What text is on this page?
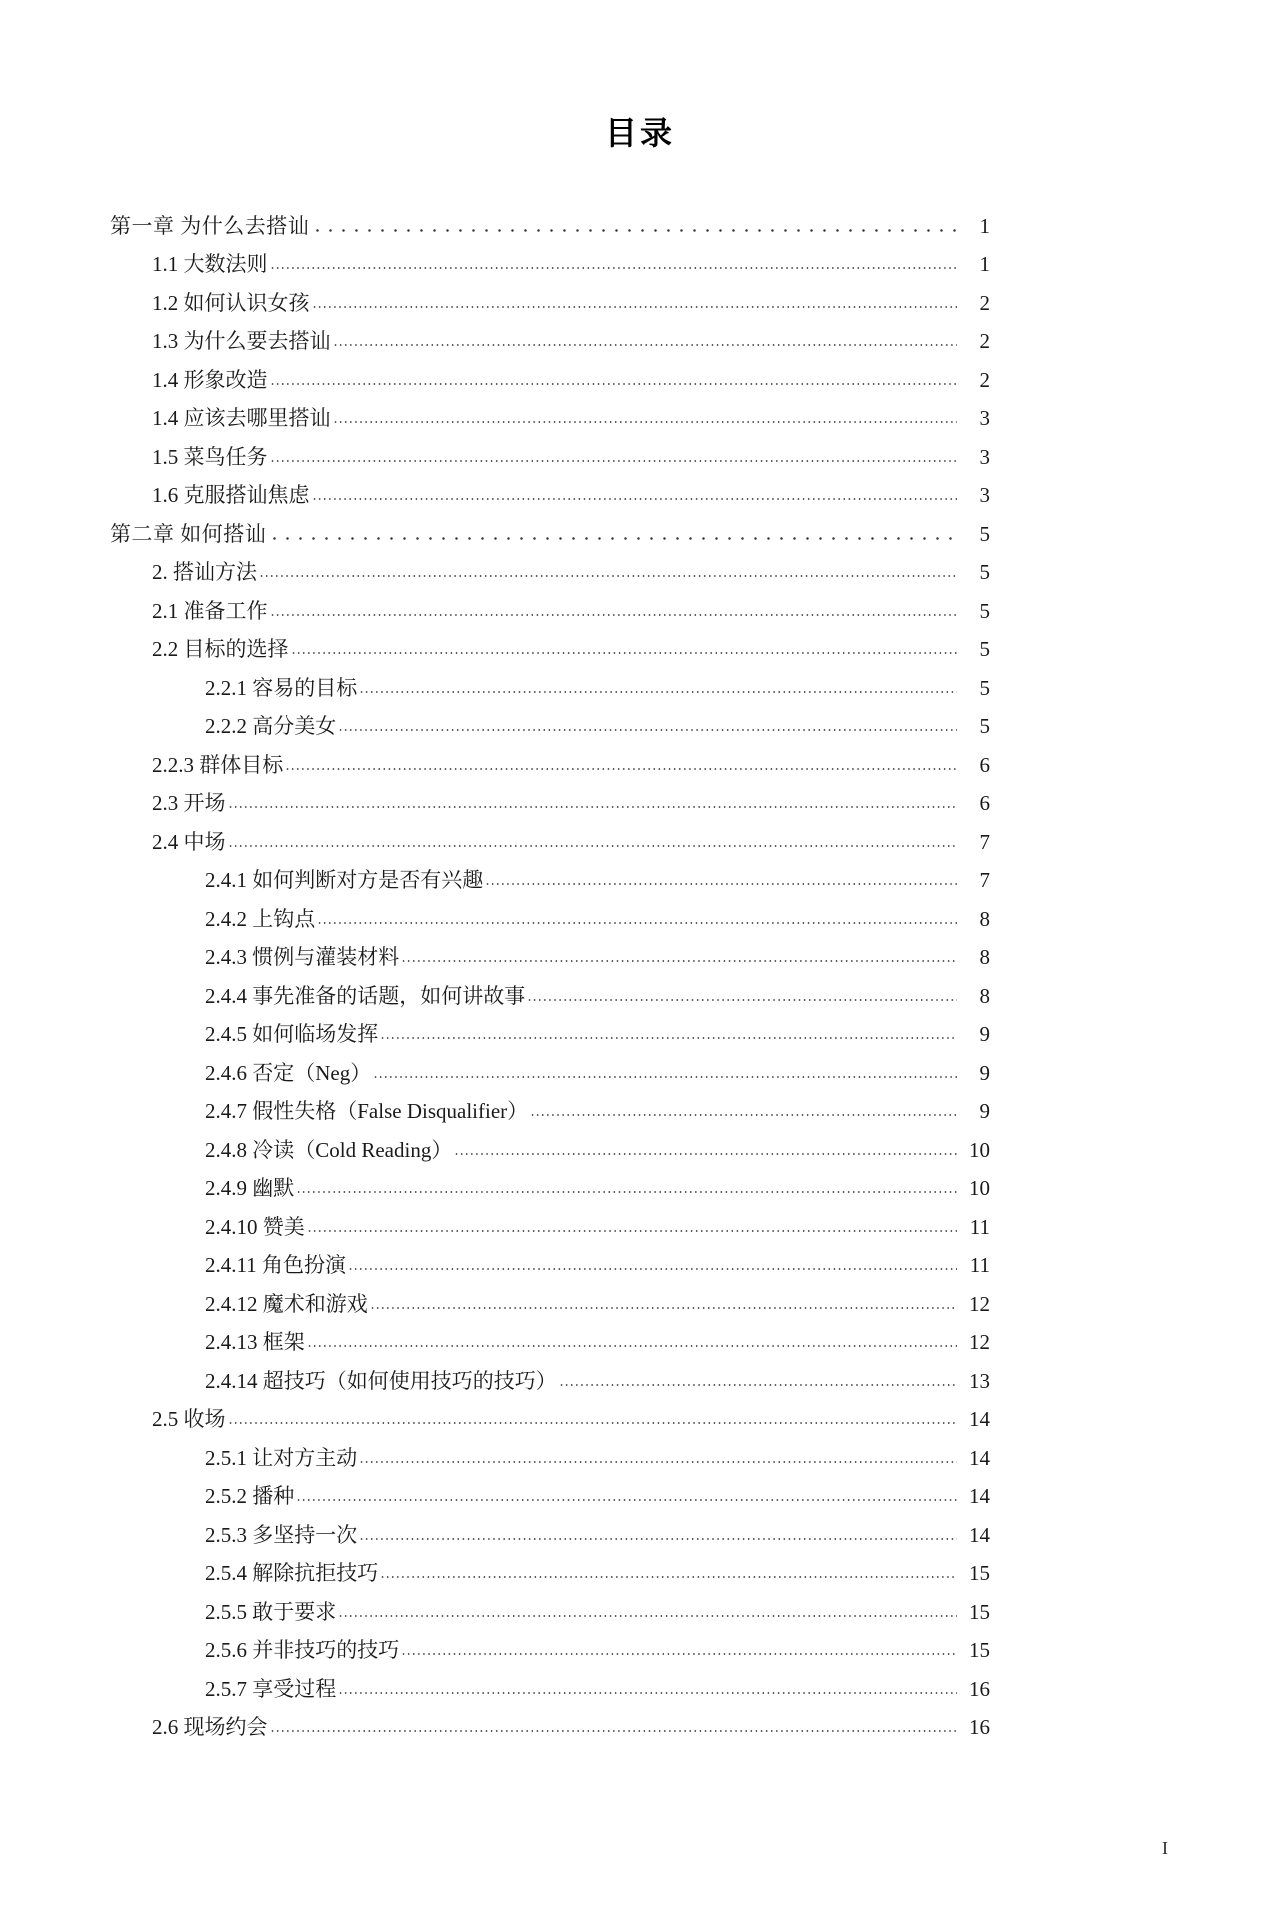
目录
第一章 为什么去搭讪	1
1.1 大数法则	1
1.2 如何认识女孩	2
1.3 为什么要去搭讪	2
1.4 形象改造	2
1.4 应该去哪里搭讪	3
1.5 菜鸟任务	3
1.6 克服搭讪焦虑	3
第二章 如何搭讪	5
2. 搭讪方法	5
2.1 准备工作	5
2.2 目标的选择	5
2.2.1 容易的目标	5
2.2.2 高分美女	5
2.2.3 群体目标	6
2.3 开场	6
2.4 中场	7
2.4.1 如何判断对方是否有兴趣	7
2.4.2 上钩点	8
2.4.3 惯例与灌装材料	8
2.4.4 事先准备的话题，如何讲故事	8
2.4.5 如何临场发挥	9
2.4.6 否定（Neg）	9
2.4.7 假性失格（False Disqualifier）	9
2.4.8 冷读（Cold Reading）	10
2.4.9 幽默	10
2.4.10 赞美	11
2.4.11 角色扮演	11
2.4.12 魔术和游戏	12
2.4.13 框架	12
2.4.14 超技巧（如何使用技巧的技巧）	13
2.5 收场	14
2.5.1 让对方主动	14
2.5.2 播种	14
2.5.3 多坚持一次	14
2.5.4 解除抗拒技巧	15
2.5.5 敢于要求	15
2.5.6 并非技巧的技巧	15
2.5.7 享受过程	16
2.6 现场约会	16
I
